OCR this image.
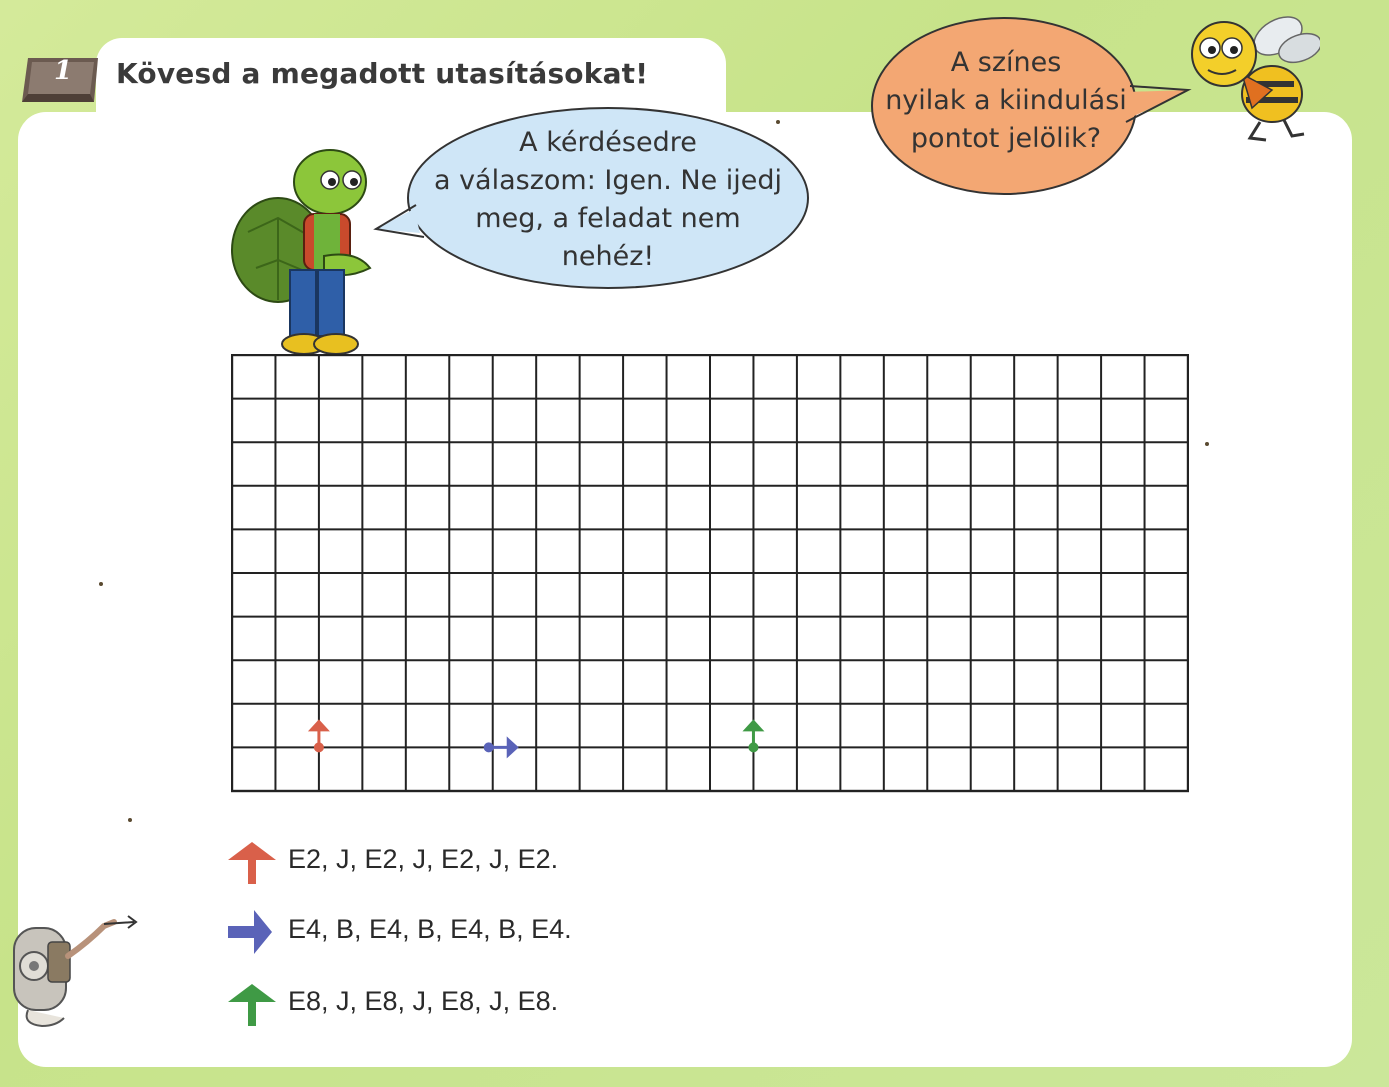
1 Kövesd a megadott utasításokat!
A kérdésedre
a válaszom: Igen. Ne ijedj
meg, a feladat nem
nehéz!
A színes
nyilak a kiindulási
pontot jelölik?
E2, J, E2, J, E2, J, E2.
E4, B, E4, B, E4, B, E4.
E8, J, E8, J, E8, J, E8.
